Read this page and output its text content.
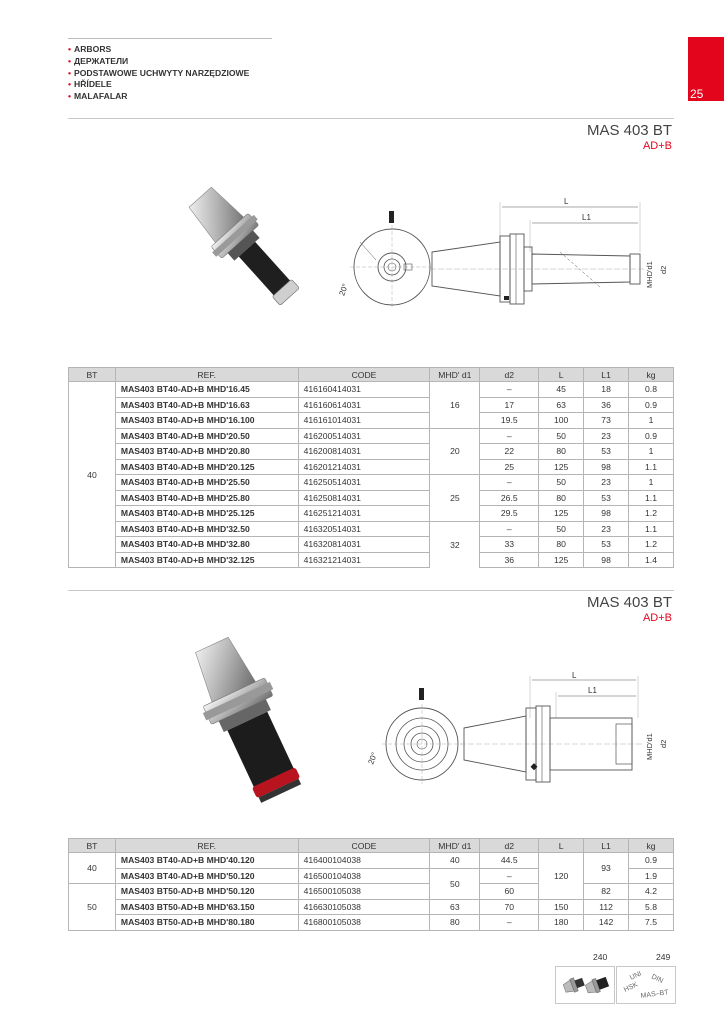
• ARBORS
• ДЕРЖАТЕЛИ
• PODSTAWOWE UCHWYTY NARZĘDZIOWE
• HŘÍDELE
• MALAFALAR	25
MAS 403 BT
AD+B
20°
L
L1
MHD'd1 d2
BT	REF.	CODE	MHD' d1	d2	L	L1	kg
40	MAS403 BT40-AD+B MHD'16.45	416160414031	16	–	45	18	0.8
	MAS403 BT40-AD+B MHD'16.63	416160614031		17	63	36	0.9
	MAS403 BT40-AD+B MHD'16.100	416161014031		19.5	100	73	1
	MAS403 BT40-AD+B MHD'20.50	416200514031	20	–	50	23	0.9
	MAS403 BT40-AD+B MHD'20.80	416200814031		22	80	53	1
	MAS403 BT40-AD+B MHD'20.125	416201214031		25	125	98	1.1
	MAS403 BT40-AD+B MHD'25.50	416250514031	25	–	50	23	1
	MAS403 BT40-AD+B MHD'25.80	416250814031		26.5	80	53	1.1
	MAS403 BT40-AD+B MHD'25.125	416251214031		29.5	125	98	1.2
	MAS403 BT40-AD+B MHD'32.50	416320514031	32	–	50	23	1.1
	MAS403 BT40-AD+B MHD'32.80	416320814031		33	80	53	1.2
	MAS403 BT40-AD+B MHD'32.125	416321214031		36	125	98	1.4
MAS 403 BT
AD+B
20°
L
L1
MHD'd1 d2
BT	REF.	CODE	MHD' d1	d2	L	L1	kg
40	MAS403 BT40-AD+B MHD'40.120	416400104038	40	44.5	120	93	0.9
	MAS403 BT40-AD+B MHD'50.120	416500104038	50	–			1.9
50	MAS403 BT50-AD+B MHD'50.120	416500105038		60		82	4.2
	MAS403 BT50-AD+B MHD'63.150	416630105038	63	70	150	112	5.8
	MAS403 BT50-AD+B MHD'80.180	416800105038	80	–	180	142	7.5
240	249
UNI DIN
HSK
MAS–BT
